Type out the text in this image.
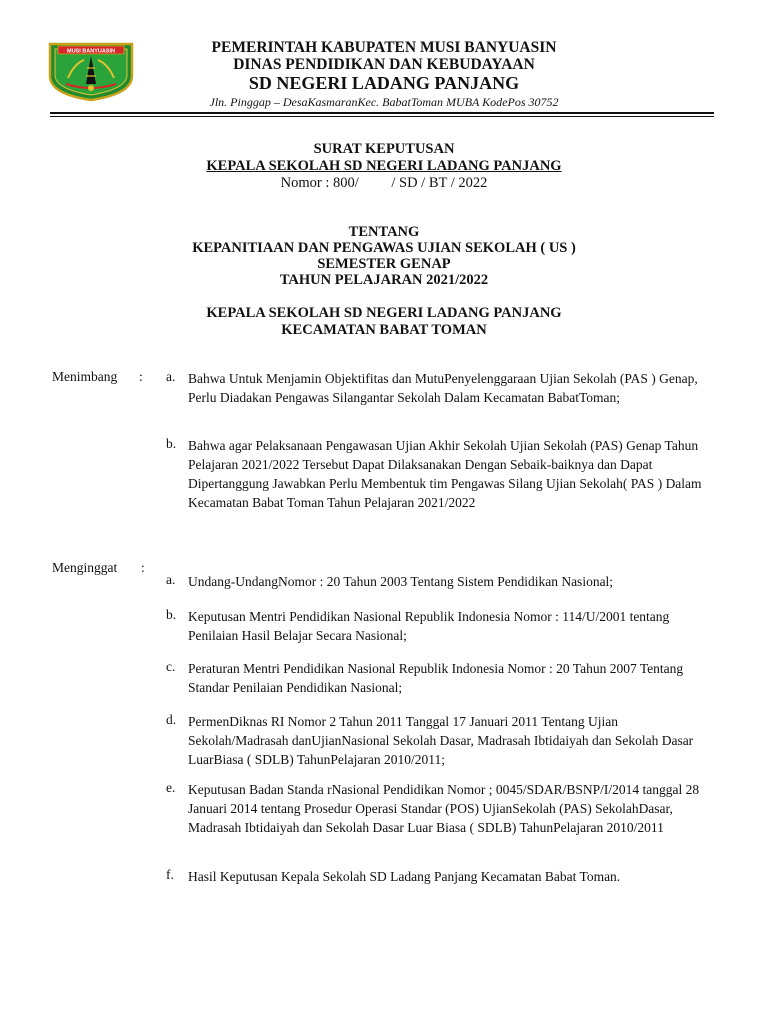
MUSI BANYUASIN	PEMERINTAH KABUPATEN MUSI BANYUASIN
DINAS PENDIDIKAN DAN KEBUDAYAAN
SD NEGERI LADANG PANJANG
Jln. Pinggap – DesaKasmaranKec. BabatToman MUBA KodePos 30752
SURAT KEPUTUSAN
KEPALA SEKOLAH SD NEGERI LADANG PANJANG
Nomor : 800/         / SD / BT / 2022
TENTANG
KEPANITIAAN DAN PENGAWAS UJIAN SEKOLAH ( US )
SEMESTER GENAP
TAHUN PELAJARAN 2021/2022
KEPALA SEKOLAH SD NEGERI LADANG PANJANG
KECAMATAN BABAT TOMAN
Menimbang : a. Bahwa Untuk Menjamin Objektifitas dan MutuPenyelenggaraan Ujian Sekolah (PAS ) Genap, Perlu Diadakan Pengawas Silangantar Sekolah Dalam Kecamatan BabatToman;
b. Bahwa agar Pelaksanaan Pengawasan Ujian Akhir Sekolah Ujian Sekolah (PAS) Genap Tahun Pelajaran 2021/2022 Tersebut Dapat Dilaksanakan Dengan Sebaik-baiknya dan Dapat Dipertanggung Jawabkan Perlu Membentuk tim Pengawas Silang Ujian Sekolah( PAS ) Dalam Kecamatan Babat Toman Tahun Pelajaran 2021/2022
Menginggat :
a. Undang-UndangNomor : 20 Tahun 2003 Tentang Sistem Pendidikan Nasional;
b. Keputusan Mentri Pendidikan Nasional Republik Indonesia Nomor : 114/U/2001 tentang Penilaian Hasil Belajar Secara Nasional;
c. Peraturan Mentri Pendidikan Nasional Republik Indonesia Nomor : 20 Tahun 2007 Tentang Standar Penilaian Pendidikan Nasional;
d. PermenDiknas RI Nomor 2 Tahun 2011 Tanggal 17 Januari 2011 Tentang Ujian Sekolah/Madrasah danUjianNasional Sekolah Dasar, Madrasah Ibtidaiyah dan Sekolah Dasar LuarBiasa ( SDLB) TahunPelajaran 2010/2011;
e. Keputusan Badan Standa rNasional Pendidikan Nomor ; 0045/SDAR/BSNP/I/2014 tanggal 28 Januari 2014 tentang Prosedur Operasi Standar (POS) UjianSekolah (PAS) SekolahDasar, Madrasah Ibtidaiyah dan Sekolah Dasar Luar Biasa ( SDLB) TahunPelajaran 2010/2011
f. Hasil Keputusan Kepala Sekolah SD Ladang Panjang Kecamatan Babat Toman.
